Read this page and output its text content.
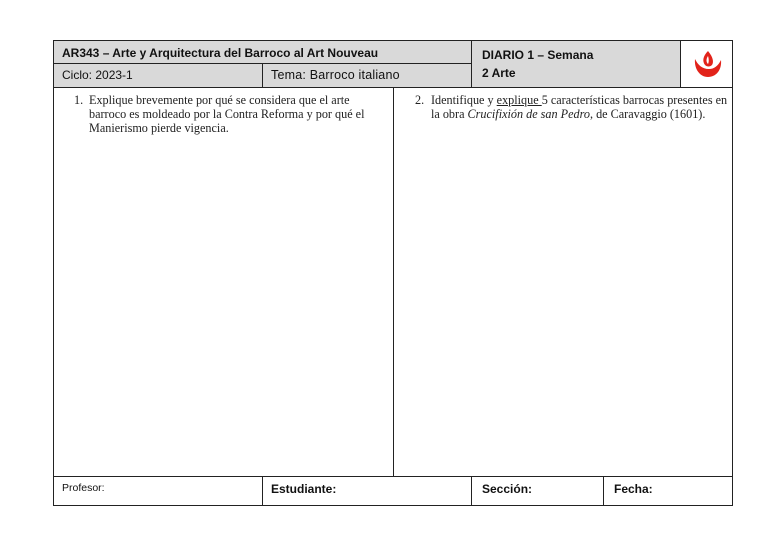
AR343 – Arte y Arquitectura del Barroco al Art Nouveau
Ciclo: 2023-1	Tema: Barroco italiano
DIARIO 1 – Semana
2 Arte
1. Explique brevemente por qué se considera que el arte barroco es moldeado por la Contra Reforma y por qué el Manierismo pierde vigencia.
2. Identifique y explique 5 características barrocas presentes en la obra Crucifixión de san Pedro, de Caravaggio (1601).
Profesor:	Estudiante:	Sección:	Fecha:
